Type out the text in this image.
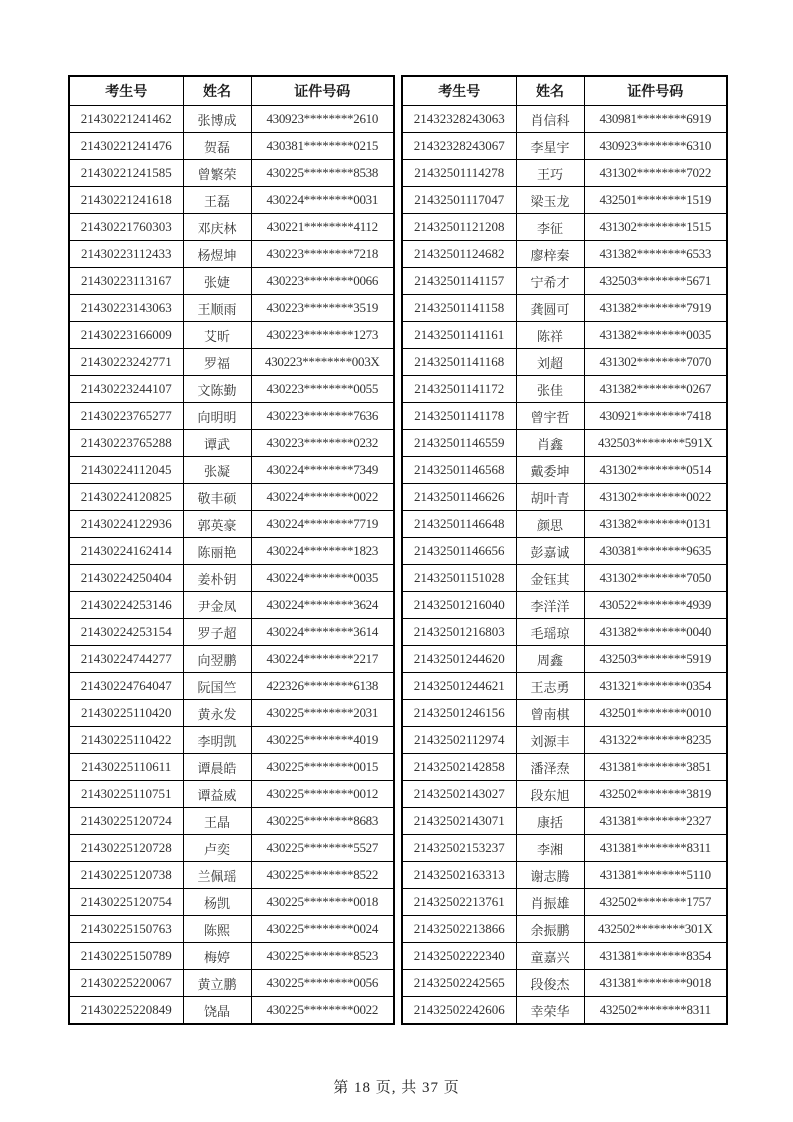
考生号	姓名	证件号码
21430221241462	张博成	430923********2610
21430221241476	贺磊	430381********0215
21430221241585	曾繁荣	430225********8538
21430221241618	王磊	430224********0031
21430221760303	邓庆林	430221********4112
21430223112433	杨煜坤	430223********7218
21430223113167	张婕	430223********0066
21430223143063	王顺雨	430223********3519
21430223166009	艾昕	430223********1273
21430223242771	罗福	430223********003X
21430223244107	文陈勤	430223********0055
21430223765277	向明明	430223********7636
21430223765288	谭武	430223********0232
21430224112045	张凝	430224********7349
21430224120825	敬丰硕	430224********0022
21430224122936	郭英豪	430224********7719
21430224162414	陈丽艳	430224********1823
21430224250404	姜朴钥	430224********0035
21430224253146	尹金凤	430224********3624
21430224253154	罗子超	430224********3614
21430224744277	向翌鹏	430224********2217
21430224764047	阮国竺	422326********6138
21430225110420	黄永发	430225********2031
21430225110422	李明凯	430225********4019
21430225110611	谭晨皓	430225********0015
21430225110751	谭益威	430225********0012
21430225120724	王晶	430225********8683
21430225120728	卢奕	430225********5527
21430225120738	兰佩瑶	430225********8522
21430225120754	杨凯	430225********0018
21430225150763	陈熙	430225********0024
21430225150789	梅婷	430225********8523
21430225220067	黄立鹏	430225********0056
21430225220849	饶晶	430225********0022
考生号	姓名	证件号码
21432328243063	肖信科	430981********6919
21432328243067	李星宇	430923********6310
21432501114278	王巧	431302********7022
21432501117047	梁玉龙	432501********1519
21432501121208	李征	431302********1515
21432501124682	廖梓秦	431382********6533
21432501141157	宁希才	432503********5671
21432501141158	龚圆可	431382********7919
21432501141161	陈祥	431382********0035
21432501141168	刘超	431302********7070
21432501141172	张佳	431382********0267
21432501141178	曾宇哲	430921********7418
21432501146559	肖鑫	432503********591X
21432501146568	戴委坤	431302********0514
21432501146626	胡叶青	431302********0022
21432501146648	颜思	431382********0131
21432501146656	彭嘉诚	430381********9635
21432501151028	金钰其	431302********7050
21432501216040	李洋洋	430522********4939
21432501216803	毛瑶琼	431382********0040
21432501244620	周鑫	432503********5919
21432501244621	王志勇	431321********0354
21432501246156	曾南棋	432501********0010
21432502112974	刘源丰	431322********8235
21432502142858	潘泽焘	431381********3851
21432502143027	段东旭	432502********3819
21432502143071	康括	431381********2327
21432502153237	李湘	431381********8311
21432502163313	谢志腾	431381********5110
21432502213761	肖振雄	432502********1757
21432502213866	余振鹏	432502********301X
21432502222340	童嘉兴	431381********8354
21432502242565	段俊杰	431381********9018
21432502242606	幸荣华	432502********8311
第 18 页, 共 37 页
